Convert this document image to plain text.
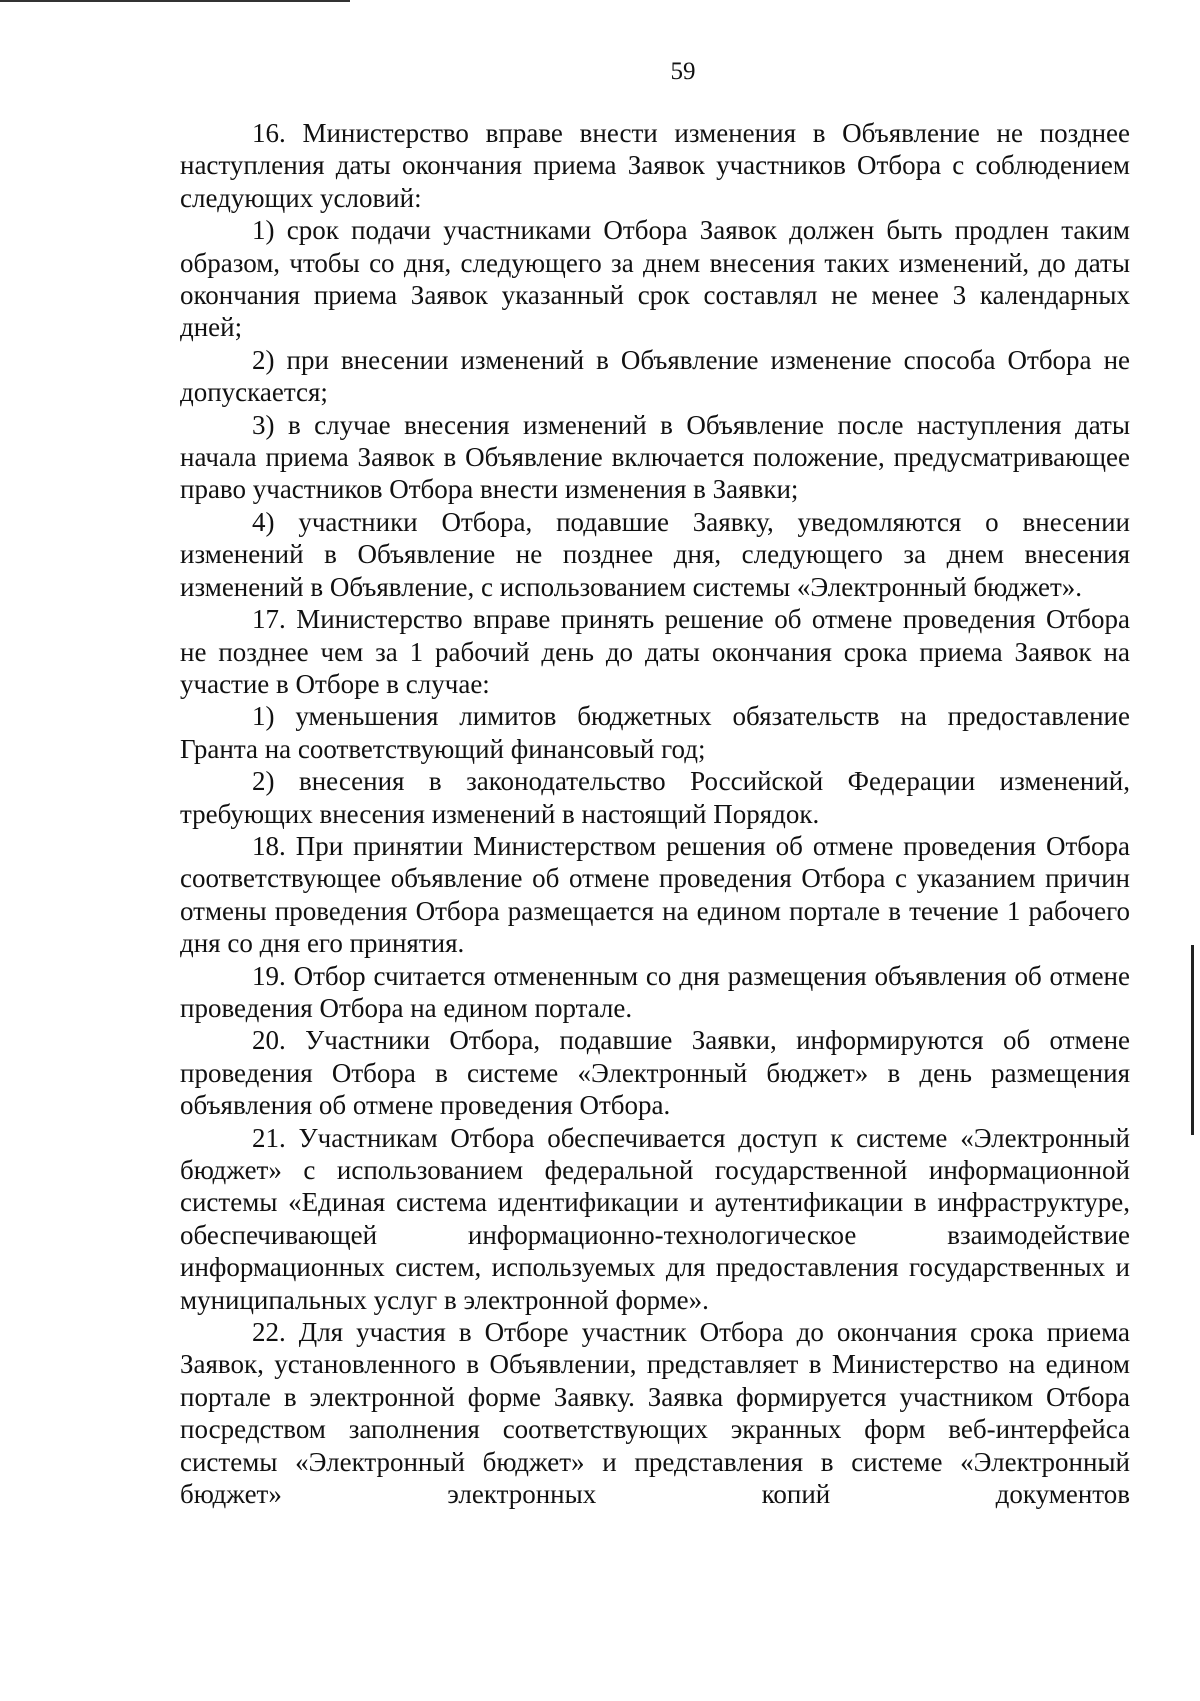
59

16. Министерство вправе внести изменения в Объявление не позднее наступления даты окончания приема Заявок участников Отбора с соблюдением следующих условий:

1) срок подачи участниками Отбора Заявок должен быть продлен таким образом, чтобы со дня, следующего за днем внесения таких изменений, до даты окончания приема Заявок указанный срок составлял не менее 3 календарных дней;

2) при внесении изменений в Объявление изменение способа Отбора не допускается;

3) в случае внесения изменений в Объявление после наступления даты начала приема Заявок в Объявление включается положение, предусматривающее право участников Отбора внести изменения в Заявки;

4) участники Отбора, подавшие Заявку, уведомляются о внесении изменений в Объявление не позднее дня, следующего за днем внесения изменений в Объявление, с использованием системы «Электронный бюджет».

17. Министерство вправе принять решение об отмене проведения Отбора не позднее чем за 1 рабочий день до даты окончания срока приема Заявок на участие в Отборе в случае:

1) уменьшения лимитов бюджетных обязательств на предоставление Гранта на соответствующий финансовый год;

2) внесения в законодательство Российской Федерации изменений, требующих внесения изменений в настоящий Порядок.

18. При принятии Министерством решения об отмене проведения Отбора соответствующее объявление об отмене проведения Отбора с указанием причин отмены проведения Отбора размещается на едином портале в течение 1 рабочего дня со дня его принятия.

19. Отбор считается отмененным со дня размещения объявления об отмене проведения Отбора на едином портале.

20. Участники Отбора, подавшие Заявки, информируются об отмене проведения Отбора в системе «Электронный бюджет» в день размещения объявления об отмене проведения Отбора.

21. Участникам Отбора обеспечивается доступ к системе «Электронный бюджет» с использованием федеральной государственной информационной системы «Единая система идентификации и аутентификации в инфраструктуре, обеспечивающей информационно-технологическое взаимодействие информационных систем, используемых для предоставления государственных и муниципальных услуг в электронной форме».

22. Для участия в Отборе участник Отбора до окончания срока приема Заявок, установленного в Объявлении, представляет в Министерство на едином портале в электронной форме Заявку. Заявка формируется участником Отбора посредством заполнения соответствующих экранных форм веб-интерфейса системы «Электронный бюджет» и представления в системе «Электронный бюджет» электронных копий документов
